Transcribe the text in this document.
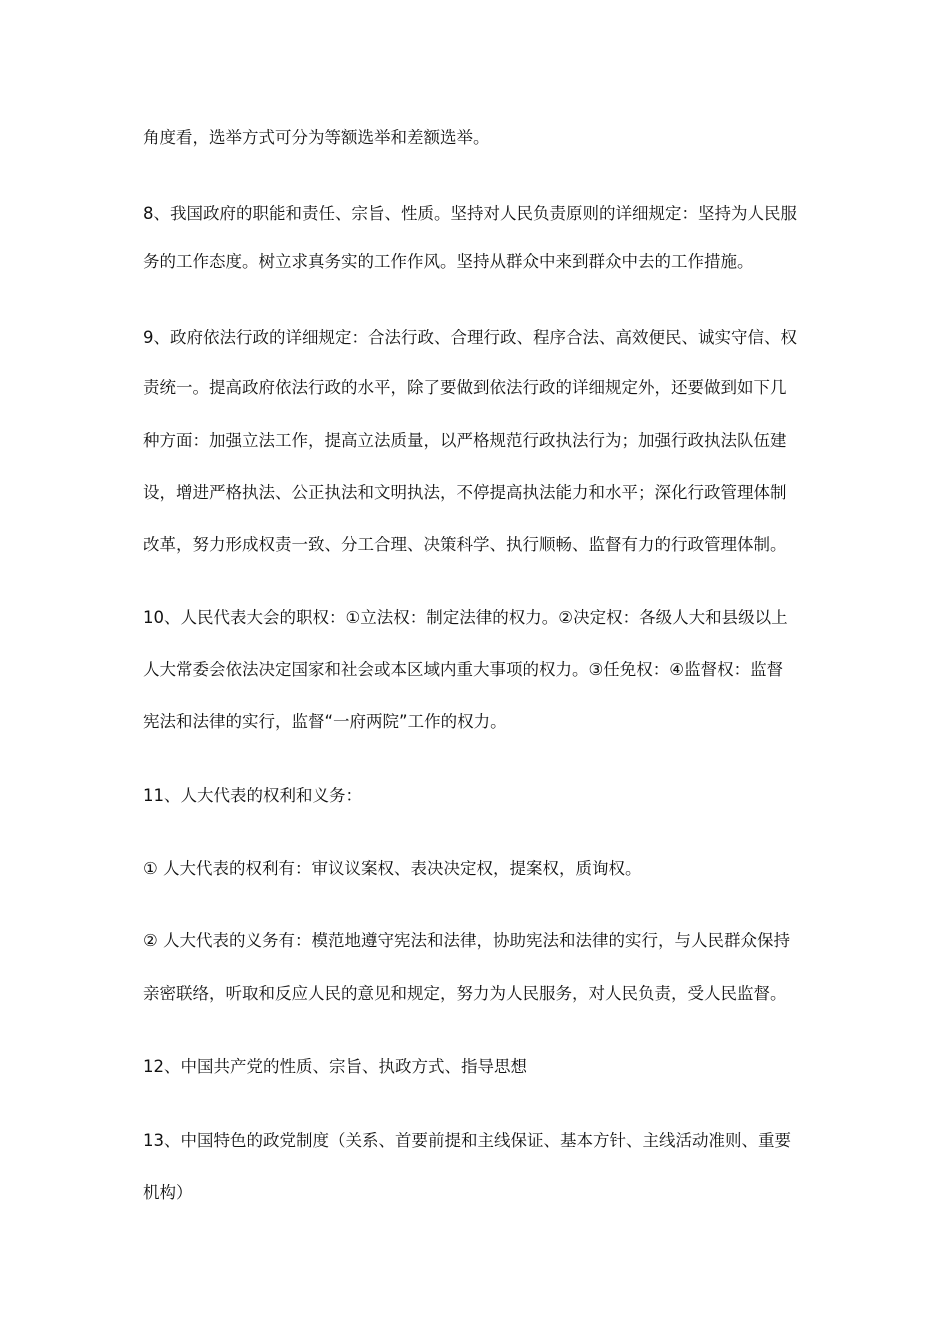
角度看，选举方式可分为等额选举和差额选举。
8、我国政府的职能和责任、宗旨、性质。坚持对人民负责原则的详细规定：坚持为人民服
务的工作态度。树立求真务实的工作作风。坚持从群众中来到群众中去的工作措施。
9、政府依法行政的详细规定：合法行政、合理行政、程序合法、高效便民、诚实守信、权
责统一。提高政府依法行政的水平，除了要做到依法行政的详细规定外，还要做到如下几
种方面：加强立法工作，提高立法质量，以严格规范行政执法行为；加强行政执法队伍建
设，增进严格执法、公正执法和文明执法，不停提高执法能力和水平；深化行政管理体制
改革，努力形成权责一致、分工合理、决策科学、执行顺畅、监督有力的行政管理体制。
10、人民代表大会的职权：①立法权：制定法律的权力。②决定权：各级人大和县级以上
人大常委会依法决定国家和社会或本区域内重大事项的权力。③任免权：④监督权：监督
宪法和法律的实行，监督“一府两院”工作的权力。
11、人大代表的权利和义务：
① 人大代表的权利有：审议议案权、表决决定权，提案权，质询权。
② 人大代表的义务有：模范地遵守宪法和法律，协助宪法和法律的实行，与人民群众保持
亲密联络，听取和反应人民的意见和规定，努力为人民服务，对人民负责，受人民监督。
12、中国共产党的性质、宗旨、执政方式、指导思想
13、中国特色的政党制度（关系、首要前提和主线保证、基本方针、主线活动准则、重要
机构）
